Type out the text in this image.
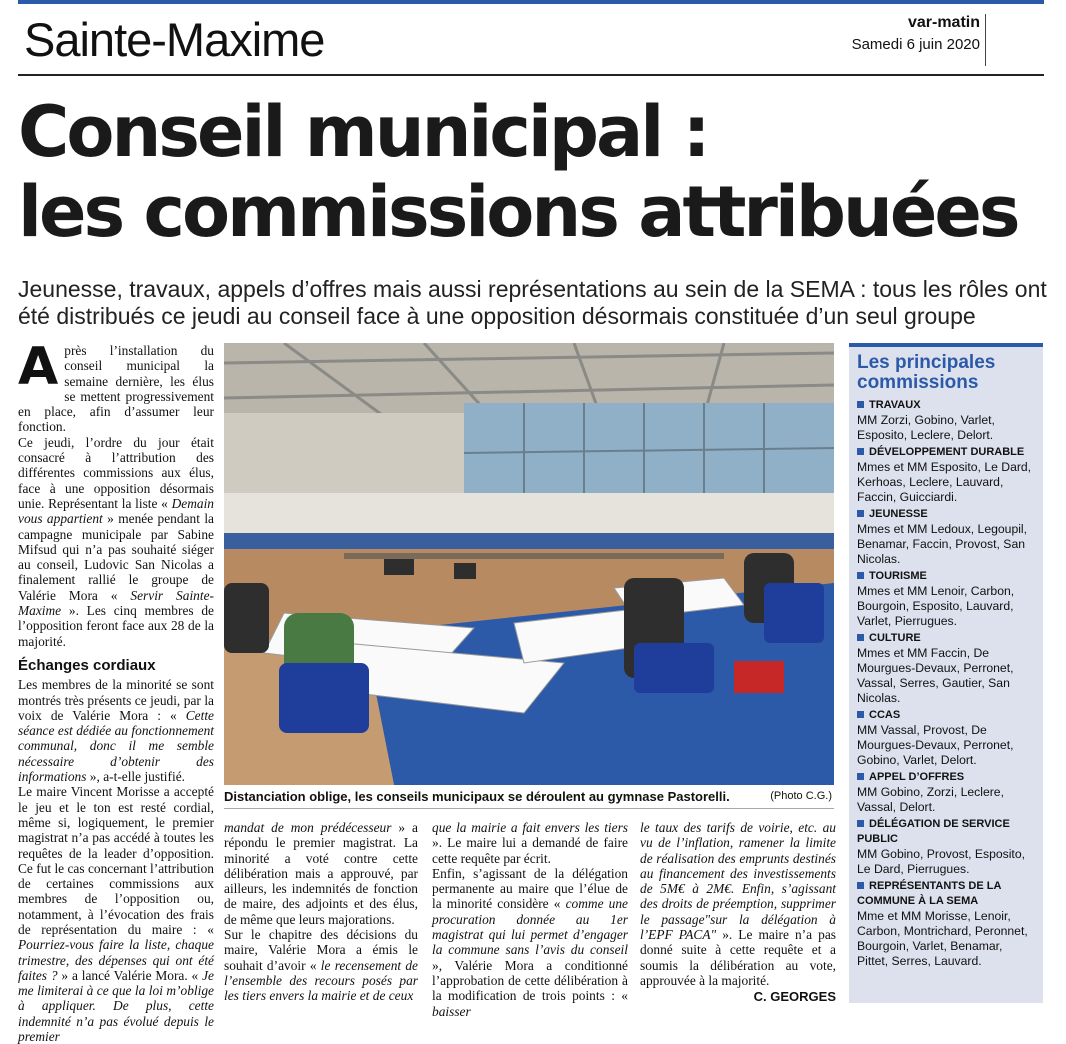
Sainte-Maxime	var-matin
Samedi 6 juin 2020
Conseil municipal :
les commissions attribuées
Jeunesse, travaux, appels d’offres mais aussi représentations au sein de la SEMA : tous les rôles ont été distribués ce jeudi au conseil face à une opposition désormais constituée d’un seul groupe

Après l’installation du conseil municipal la semaine dernière, les élus se mettent progressivement en place, afin d’assumer leur fonction.

Ce jeudi, l’ordre du jour était consacré à l’attribution des différentes commissions aux élus, face à une opposition désormais unie. Représentant la liste « Demain vous appartient » menée pendant la campagne municipale par Sabine Mifsud qui n’a pas souhaité siéger au conseil, Ludovic San Nicolas a finalement rallié le groupe de Valérie Mora « Servir Sainte-Maxime ». Les cinq membres de l’opposition feront face aux 28 de la majorité.

Échanges cordiaux

Les membres de la minorité se sont montrés très présents ce jeudi, par la voix de Valérie Mora : « Cette séance est dédiée au fonctionnement communal, donc il me semble nécessaire d’obtenir des informations », a-t-elle justifié.

Le maire Vincent Morisse a accepté le jeu et le ton est resté cordial, même si, logiquement, le premier magistrat n’a pas accédé à toutes les requêtes de la leader d’opposition. Ce fut le cas concernant l’attribution de certaines commissions aux membres de l’opposition ou, notamment, à l’évocation des frais de représentation du maire : « Pourriez-vous faire la liste, chaque trimestre, des dépenses qui ont été faites ? » a lancé Valérie Mora. « Je me limiterai à ce que la loi m’oblige à appliquer. De plus, cette indemnité n’a pas évolué depuis le premier

Distanciation oblige, les conseils municipaux se déroulent au gymnase Pastorelli.	(Photo C.G.)

mandat de mon prédécesseur » a répondu le premier magistrat. La minorité a voté contre cette délibération mais a approuvé, par ailleurs, les indemnités de fonction de maire, des adjoints et des élus, de même que leurs majorations.

Sur le chapitre des décisions du maire, Valérie Mora a émis le souhait d’avoir « le recensement de l’ensemble des recours posés par les tiers envers la mairie et de ceux

que la mairie a fait envers les tiers ». Le maire lui a demandé de faire cette requête par écrit.

Enfin, s’agissant de la délégation permanente au maire que l’élue de la minorité considère « comme une procuration donnée au 1er magistrat qui lui permet d’engager la commune sans l’avis du conseil », Valérie Mora a conditionné l’approbation de cette délibération à la modification de trois points : « baisser

le taux des tarifs de voirie, etc. au vu de l’inflation, ramener la limite de réalisation des emprunts destinés au financement des investissements de 5M€ à 2M€. Enfin, s’agissant des droits de préemption, supprimer le passage"sur la délégation à l’EPF PACA" ». Le maire n’a pas donné suite à cette requête et a soumis la délibération au vote, approuvée à la majorité.

C. GEORGES
Les principales commissions
TRAVAUX
MM Zorzi, Gobino, Varlet, Esposito, Leclere, Delort.
DÉVELOPPEMENT DURABLE
Mmes et MM Esposito, Le Dard, Kerhoas, Leclere, Lauvard, Faccin, Guicciardi.
JEUNESSE
Mmes et MM Ledoux, Legoupil, Benamar, Faccin, Provost, San Nicolas.
TOURISME
Mmes et MM Lenoir, Carbon, Bourgoin, Esposito, Lauvard, Varlet, Pierrugues.
CULTURE
Mmes et MM Faccin, De Mourgues-Devaux, Perronet, Vassal, Serres, Gautier, San Nicolas.
CCAS
MM Vassal, Provost, De Mourgues-Devaux, Perronet, Gobino, Varlet, Delort.
APPEL D’OFFRES
MM Gobino, Zorzi, Leclere, Vassal, Delort.
DÉLÉGATION DE SERVICE PUBLIC
MM Gobino, Provost, Esposito, Le Dard, Pierrugues.
REPRÉSENTANTS DE LA COMMUNE À LA SEMA
Mme et MM Morisse, Lenoir, Carbon, Montrichard, Peronnet, Bourgoin, Varlet, Benamar, Pittet, Serres, Lauvard.
